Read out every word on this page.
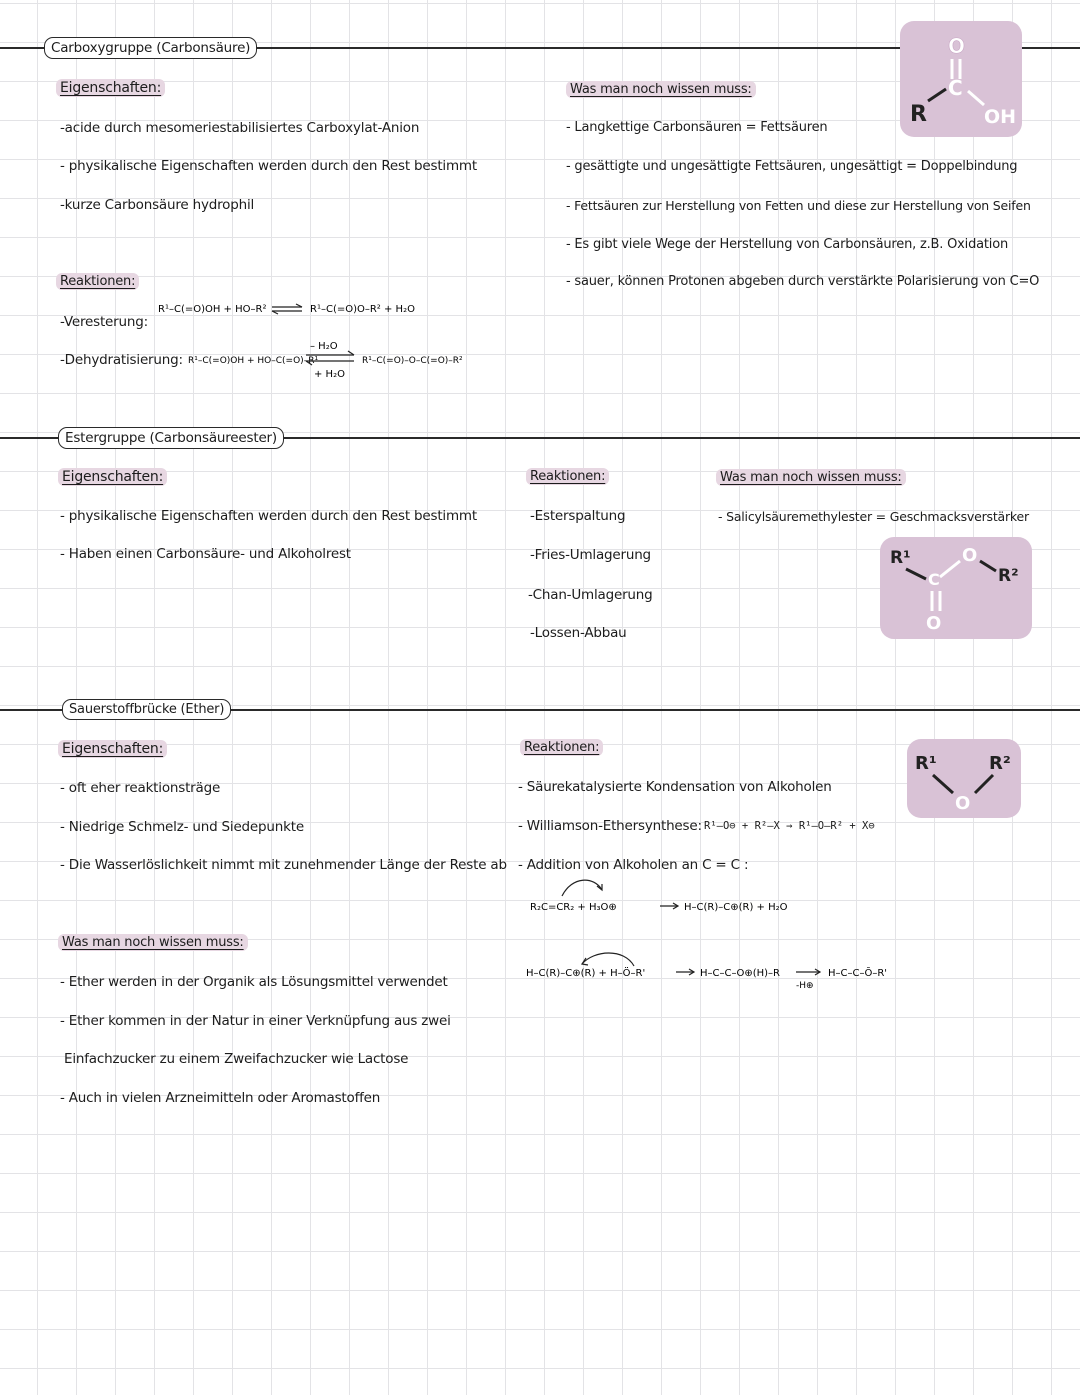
Carboxygruppe (Carbonsäure)
Eigenschaften:
-acide durch mesomeriestabilisiertes Carboxylat-Anion
- physikalische Eigenschaften werden durch den Rest bestimmt
-kurze Carbonsäure hydrophil
Reaktionen:
-Veresterung:
-Dehydratisierung:
R¹–C(=O)OH + HO–R²	R¹–C(=O)O–R² + H₂O
R¹–C(=O)OH + HO–C(=O)–R¹
– H₂O
+ H₂O
R¹–C(=O)–O–C(=O)–R²
Was man noch wissen muss:
- Langkettige Carbonsäuren = Fettsäuren
- gesättigte und ungesättigte Fettsäuren, ungesättigt = Doppelbindung
- Fettsäuren zur Herstellung von Fetten und diese zur Herstellung von Seifen
- Es gibt viele Wege der Herstellung von Carbonsäuren, z.B. Oxidation
- sauer, können Protonen abgeben durch verstärkte Polarisierung von C=O
O
C
R	OH
Estergruppe (Carbonsäureester)
Eigenschaften:
- physikalische Eigenschaften werden durch den Rest bestimmt
- Haben einen Carbonsäure- und Alkoholrest
Reaktionen:
-Esterspaltung
-Fries-Umlagerung
-Chan-Umlagerung
-Lossen-Abbau
Was man noch wissen muss:
- Salicylsäuremethylester = Geschmacksverstärker
R¹	O
R²
C
O
Sauerstoffbrücke (Ether)
Eigenschaften:
- oft eher reaktionsträge
- Niedrige Schmelz- und Siedepunkte
- Die Wasserlöslichkeit nimmt mit zunehmender Länge der Reste ab
Was man noch wissen muss:
- Ether werden in der Organik als Lösungsmittel verwendet
- Ether kommen in der Natur in einer Verknüpfung aus zwei
Einfachzucker zu einem Zweifachzucker wie Lactose
- Auch in vielen Arzneimitteln oder Aromastoffen
Reaktionen:
- Säurekatalysierte Kondensation von Alkoholen
- Williamson-Ethersynthese: R¹–O⊖ + R²–X → R¹–O–R² + X⊖
- Addition von Alkoholen an C = C :
R₂C=CR₂ + H₃O⊕	H–C(R)–C⊕(R) + H₂O
H–C(R)–C⊕(R) + H–Ö–R'	H–C–C–O⊕(H)–R
-H⊕
H–C–C–Ō–R'
R¹
O
R²
